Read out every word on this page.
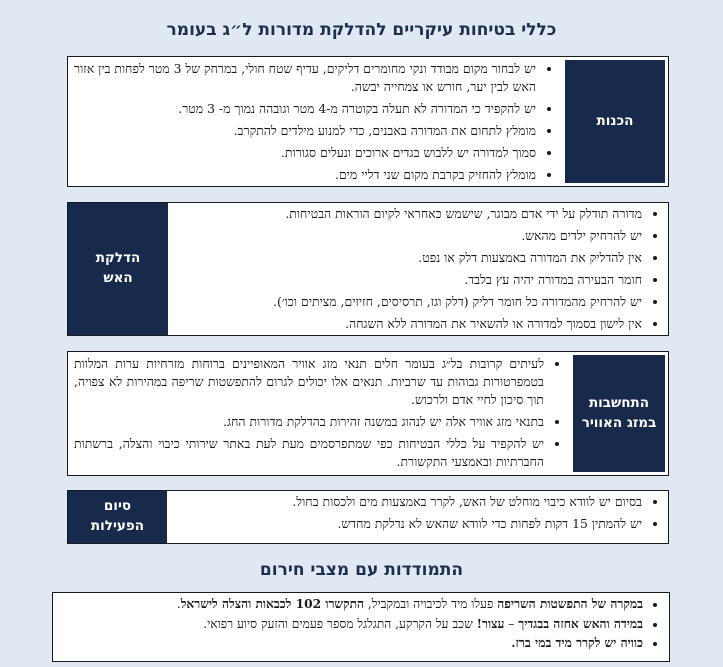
כללי בטיחות עיקריים להדלקת מדורות ל״ג בעומר
הכנות
• יש לבחור מקום מבודד ונקי מחומרים דליקים, עדיף שטח חולי, במרחק של 3 מטר לפחות בין אזור האש לבין יער, חורש או צמחייה יבשה.
• יש להקפיד כי המדורה לא תעלה בקוטרה מ-4 מטר וגובהה נמוך מ- 3 מטר.
• מומלץ לתחום את המדורה באבנים, כדי למנוע מילדים להתקרב.
• סמוך למדורה יש ללבוש בגדים ארוכים ונעלים סגורות.
• מומלץ להחזיק בקרבת מקום שני דליי מים.
הדלקת
האש
• מדורה תודלק על ידי אדם מבוגר, שישמש כאחראי לקיום הוראות הבטיחות.
• יש להרחיק ילדים מהאש.
• אין להדליק את המדורה באמצעות דלק או נפט.
• חומר הבעירה במדורה יהיה עץ בלבד.
• יש להרחיק מהמדורה כל חומר דליק (דלק וגז, תרסיסים, חזיזים, מציתים וכו׳).
• אין לישון בסמוך למדורה או להשאיר את המדורה ללא השגחה.
התחשבות
במזג האוויר
• לעיתים קרובות בל״ג בעומר חלים תנאי מזג אוויר המאופיינים ברוחות מזרחיות ערות המלוות בטמפרטורות גבוהות עד שרביות. תנאים אלו יכולים לגרום להתפשטות שריפה במהירות לא צפויה, תוך סיכון לחיי אדם ולרכוש.
• בתנאי מזג אוויר אלה יש לנהוג במשנה זהירות בהדלקת מדורות החג.
• יש להקפיד על כללי הבטיחות כפי שמתפרסמים מעת לעת באתר שירותי כיבוי והצלה, ברשתות החברתיות ובאמצעי התקשורת.
סיום
הפעילות
• בסיום יש לוודא כיבוי מוחלט של האש, לקרר באמצעות מים ולכסות בחול.
• יש להמתין 15 דקות לפחות כדי לוודא שהאש לא נדלקת מחדש.
התמודדות עם מצבי חירום
• במקרה של התפשטות השריפה פעלו מיד לכיבויה ובמקביל, התקשרו 102 לכבאות והצלה לישראל.
• במידה והאש אחזה בבגדיך – עצור! שכב על הקרקע, התגלגל מספר פעמים והזעק סיוע רפואי.
• כוויה יש לקרר מיד במי ברז.
